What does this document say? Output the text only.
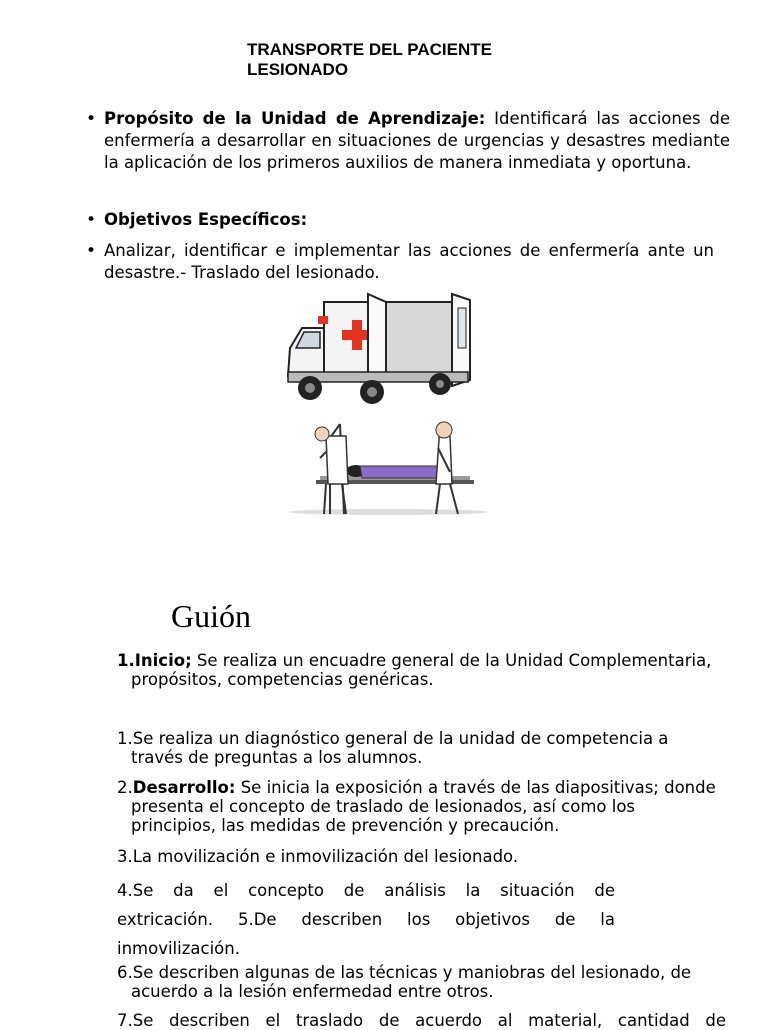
TRANSPORTE DEL PACIENTE
LESIONADO
• Propósito de la Unidad de Aprendizaje: Identificará las acciones de enfermería a desarrollar en situaciones de urgencias y desastres mediante la aplicación de los primeros auxilios de manera inmediata y oportuna.
• Objetivos Específicos:
• Analizar, identificar e implementar las acciones de enfermería ante un desastre.- Traslado del lesionado.
Guión
1.Inicio; Se realiza un encuadre general de la Unidad Complementaria,
propósitos, competencias genéricas.
1.Se realiza un diagnóstico general de la unidad de competencia a
través de preguntas a los alumnos.
2.Desarrollo: Se inicia la exposición a través de las diapositivas; donde
presenta el concepto de traslado de lesionados, así como los
principios, las medidas de prevención y precaución.
3.La movilización e inmovilización del lesionado.
4.Se da el concepto de análisis la situación de
extricación. 5.De describen los objetivos de la
inmovilización.
6.Se describen algunas de las técnicas y maniobras del lesionado, de
acuerdo a la lesión enfermedad entre otros.
7.Se describen el traslado de acuerdo al material, cantidad de
